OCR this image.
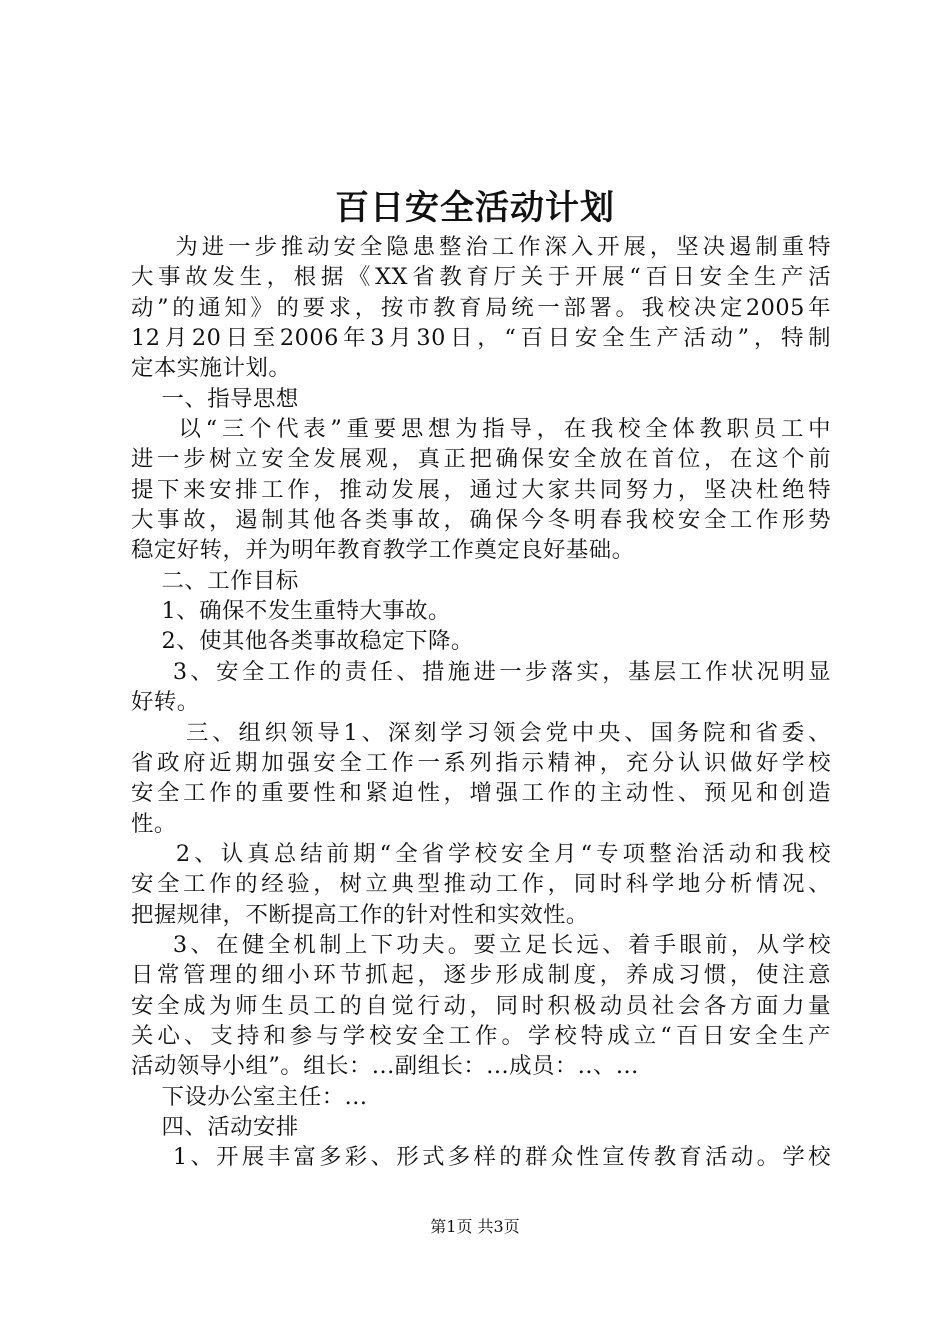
百日安全活动计划
为进一步推动安全隐患整治工作深入开展，坚决遏制重特
大事故发生，根据《XX省教育厅关于开展“百日安全生产活
动”的通知》的要求，按市教育局统一部署。我校决定2005年
12月20日至2006年3月30日，“百日安全生产活动”，特制
定本实施计划。
一、指导思想
以“三个代表”重要思想为指导，在我校全体教职员工中
进一步树立安全发展观，真正把确保安全放在首位，在这个前
提下来安排工作，推动发展，通过大家共同努力，坚决杜绝特
大事故，遏制其他各类事故，确保今冬明春我校安全工作形势
稳定好转，并为明年教育教学工作奠定良好基础。
二、工作目标
1、确保不发生重特大事故。
2、使其他各类事故稳定下降。
3、安全工作的责任、措施进一步落实，基层工作状况明显
好转。
三、组织领导1、深刻学习领会党中央、国务院和省委、
省政府近期加强安全工作一系列指示精神，充分认识做好学校
安全工作的重要性和紧迫性，增强工作的主动性、预见和创造
性。
2、认真总结前期“全省学校安全月“专项整治活动和我校
安全工作的经验，树立典型推动工作，同时科学地分析情况、
把握规律，不断提高工作的针对性和实效性。
3、在健全机制上下功夫。要立足长远、着手眼前，从学校
日常管理的细小环节抓起，逐步形成制度，养成习惯，使注意
安全成为师生员工的自觉行动，同时积极动员社会各方面力量
关心、支持和参与学校安全工作。学校特成立“百日安全生产
活动领导小组”。组长：...副组长：...成员：..、...
下设办公室主任：...
四、活动安排
1、开展丰富多彩、形式多样的群众性宣传教育活动。学校
第1页 共3页
